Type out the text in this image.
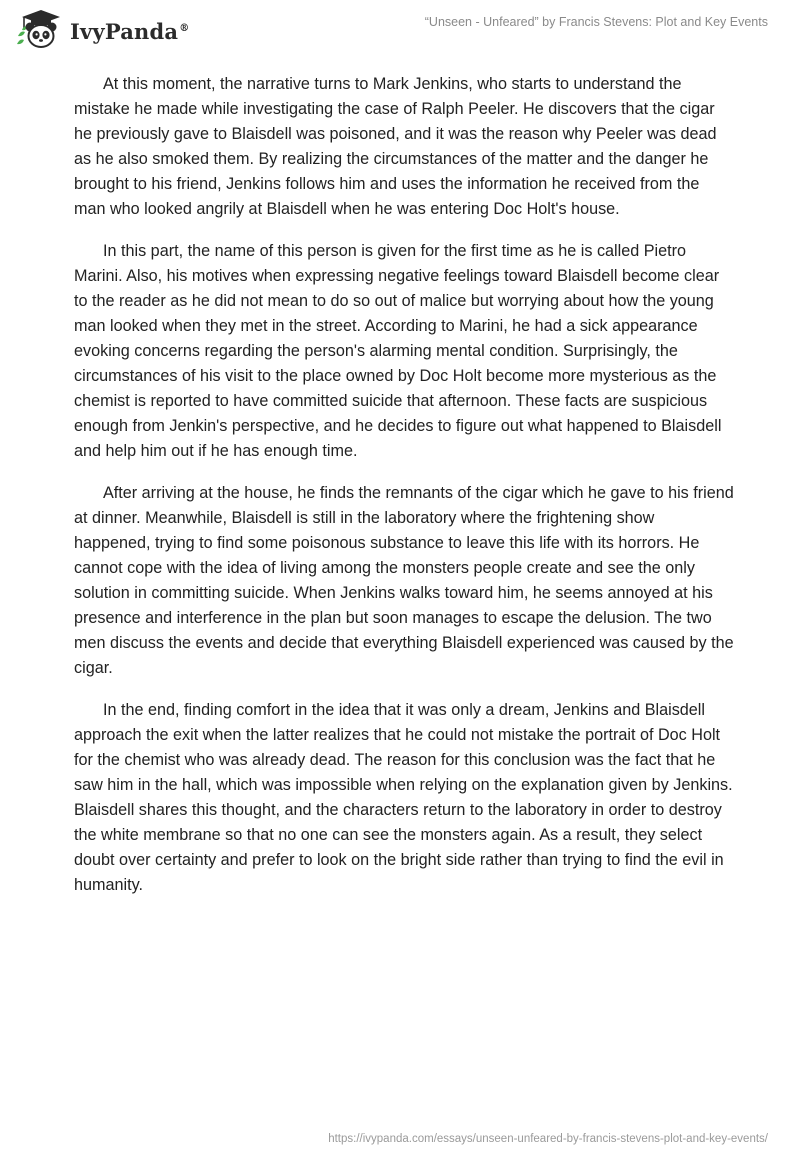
IvyPanda®	“Unseen - Unfeared” by Francis Stevens: Plot and Key Events

At this moment, the narrative turns to Mark Jenkins, who starts to understand the mistake he made while investigating the case of Ralph Peeler. He discovers that the cigar he previously gave to Blaisdell was poisoned, and it was the reason why Peeler was dead as he also smoked them. By realizing the circumstances of the matter and the danger he brought to his friend, Jenkins follows him and uses the information he received from the man who looked angrily at Blaisdell when he was entering Doc Holt's house.

In this part, the name of this person is given for the first time as he is called Pietro Marini. Also, his motives when expressing negative feelings toward Blaisdell become clear to the reader as he did not mean to do so out of malice but worrying about how the young man looked when they met in the street. According to Marini, he had a sick appearance evoking concerns regarding the person's alarming mental condition. Surprisingly, the circumstances of his visit to the place owned by Doc Holt become more mysterious as the chemist is reported to have committed suicide that afternoon. These facts are suspicious enough from Jenkin's perspective, and he decides to figure out what happened to Blaisdell and help him out if he has enough time.

After arriving at the house, he finds the remnants of the cigar which he gave to his friend at dinner. Meanwhile, Blaisdell is still in the laboratory where the frightening show happened, trying to find some poisonous substance to leave this life with its horrors. He cannot cope with the idea of living among the monsters people create and see the only solution in committing suicide. When Jenkins walks toward him, he seems annoyed at his presence and interference in the plan but soon manages to escape the delusion. The two men discuss the events and decide that everything Blaisdell experienced was caused by the cigar.

In the end, finding comfort in the idea that it was only a dream, Jenkins and Blaisdell approach the exit when the latter realizes that he could not mistake the portrait of Doc Holt for the chemist who was already dead. The reason for this conclusion was the fact that he saw him in the hall, which was impossible when relying on the explanation given by Jenkins. Blaisdell shares this thought, and the characters return to the laboratory in order to destroy the white membrane so that no one can see the monsters again. As a result, they select doubt over certainty and prefer to look on the bright side rather than trying to find the evil in humanity.

https://ivypanda.com/essays/unseen-unfeared-by-francis-stevens-plot-and-key-events/
